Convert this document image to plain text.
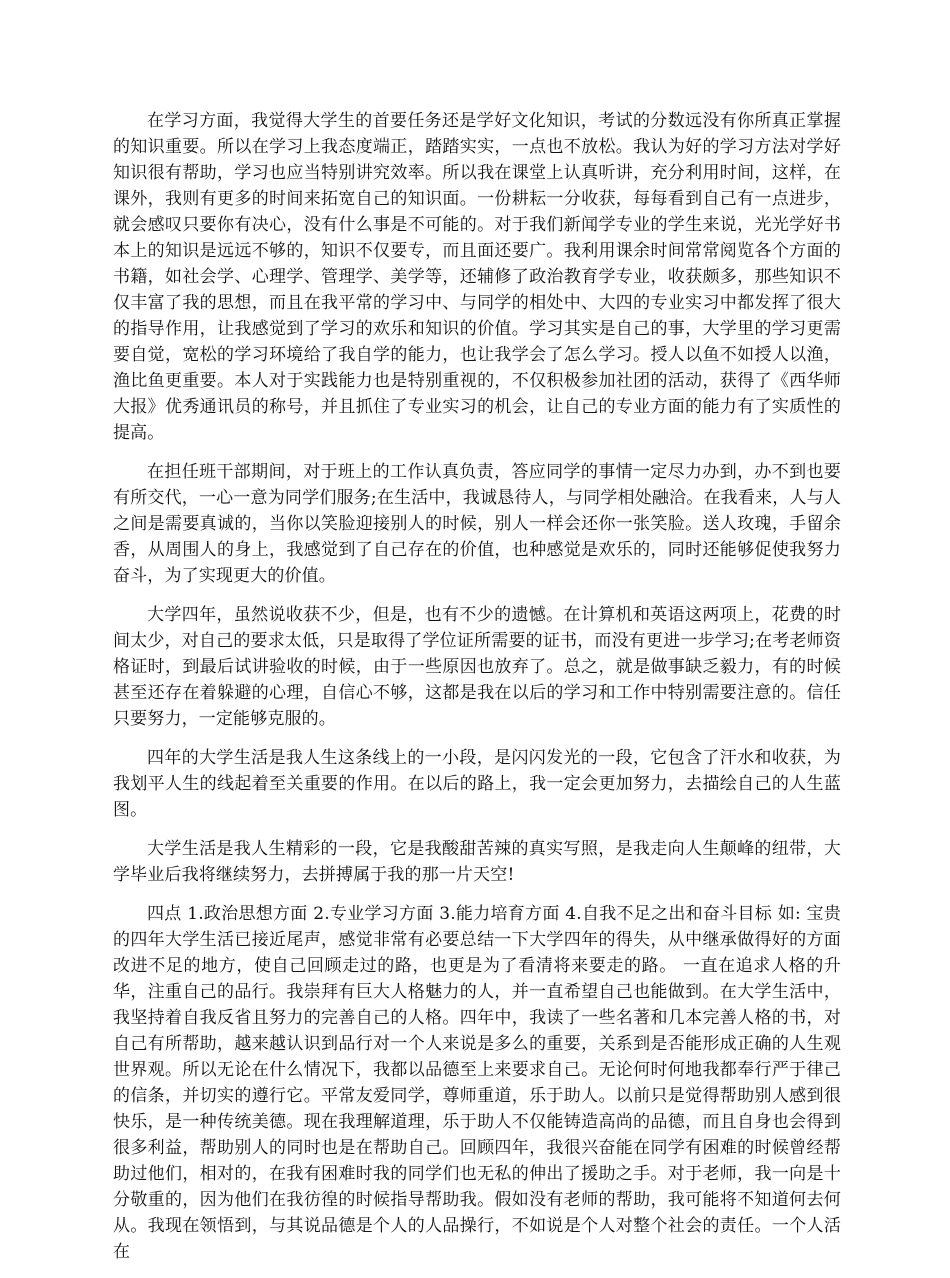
在学习方面，我觉得大学生的首要任务还是学好文化知识，考试的分数远没有你所真正掌握的知识重要。所以在学习上我态度端正，踏踏实实，一点也不放松。我认为好的学习方法对学好知识很有帮助，学习也应当特别讲究效率。所以我在课堂上认真听讲，充分利用时间，这样，在课外，我则有更多的时间来拓宽自己的知识面。一份耕耘一分收获，每每看到自己有一点进步，就会感叹只要你有决心，没有什么事是不可能的。对于我们新闻学专业的学生来说，光光学好书本上的知识是远远不够的，知识不仅要专，而且面还要广。我利用课余时间常常阅览各个方面的书籍，如社会学、心理学、管理学、美学等，还辅修了政治教育学专业，收获颇多，那些知识不仅丰富了我的思想，而且在我平常的学习中、与同学的相处中、大四的专业实习中都发挥了很大的指导作用，让我感觉到了学习的欢乐和知识的价值。学习其实是自己的事，大学里的学习更需要自觉，宽松的学习环境给了我自学的能力，也让我学会了怎么学习。授人以鱼不如授人以渔，渔比鱼更重要。本人对于实践能力也是特别重视的，不仅积极参加社团的活动，获得了《西华师大报》优秀通讯员的称号，并且抓住了专业实习的机会，让自己的专业方面的能力有了实质性的提高。

在担任班干部期间，对于班上的工作认真负责，答应同学的事情一定尽力办到，办不到也要有所交代，一心一意为同学们服务;在生活中，我诚恳待人，与同学相处融洽。在我看来，人与人之间是需要真诚的，当你以笑脸迎接别人的时候，别人一样会还你一张笑脸。送人玫瑰，手留余香，从周围人的身上，我感觉到了自己存在的价值，也种感觉是欢乐的，同时还能够促使我努力奋斗，为了实现更大的价值。

大学四年，虽然说收获不少，但是，也有不少的遗憾。在计算机和英语这两项上，花费的时间太少，对自己的要求太低，只是取得了学位证所需要的证书，而没有更进一步学习;在考老师资格证时，到最后试讲验收的时候，由于一些原因也放弃了。总之，就是做事缺乏毅力，有的时候甚至还存在着躲避的心理，自信心不够，这都是我在以后的学习和工作中特别需要注意的。信任只要努力，一定能够克服的。

四年的大学生活是我人生这条线上的一小段，是闪闪发光的一段，它包含了汗水和收获，为我划平人生的线起着至关重要的作用。在以后的路上，我一定会更加努力，去描绘自己的人生蓝图。

大学生活是我人生精彩的一段，它是我酸甜苦辣的真实写照，是我走向人生颠峰的纽带，大学毕业后我将继续努力，去拼搏属于我的那一片天空!

四点 1.政治思想方面 2.专业学习方面 3.能力培育方面 4.自我不足之出和奋斗目标 如: 宝贵的四年大学生活已接近尾声，感觉非常有必要总结一下大学四年的得失，从中继承做得好的方面改进不足的地方，使自己回顾走过的路，也更是为了看清将来要走的路。 一直在追求人格的升华，注重自己的品行。我崇拜有巨大人格魅力的人，并一直希望自己也能做到。在大学生活中，我坚持着自我反省且努力的完善自己的人格。四年中，我读了一些名著和几本完善人格的书，对自己有所帮助，越来越认识到品行对一个人来说是多么的重要，关系到是否能形成正确的人生观世界观。所以无论在什么情况下，我都以品德至上来要求自己。无论何时何地我都奉行严于律己的信条，并切实的遵行它。平常友爱同学，尊师重道，乐于助人。以前只是觉得帮助别人感到很快乐，是一种传统美德。现在我理解道理，乐于助人不仅能铸造高尚的品德，而且自身也会得到很多利益，帮助别人的同时也是在帮助自己。回顾四年，我很兴奋能在同学有困难的时候曾经帮助过他们，相对的，在我有困难时我的同学们也无私的伸出了援助之手。对于老师，我一向是十分敬重的，因为他们在我彷徨的时候指导帮助我。假如没有老师的帮助，我可能将不知道何去何从。我现在领悟到，与其说品德是个人的人品操行，不如说是个人对整个社会的责任。一个人活在
